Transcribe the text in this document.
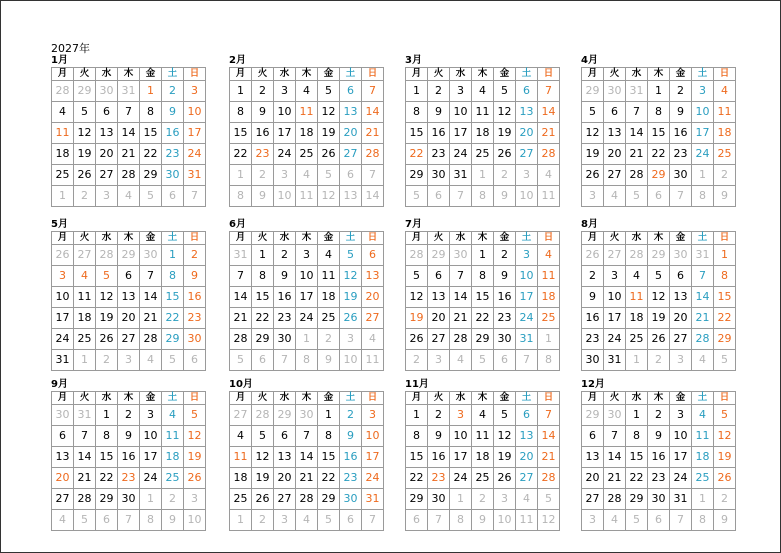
2027年
1月
月	火	水	木	金	土	日
28	29	30	31	1	2	3
4	5	6	7	8	9	10
11	12	13	14	15	16	17
18	19	20	21	22	23	24
25	26	27	28	29	30	31
1	2	3	4	5	6	7
2月
月	火	水	木	金	土	日
1	2	3	4	5	6	7
8	9	10	11	12	13	14
15	16	17	18	19	20	21
22	23	24	25	26	27	28
1	2	3	4	5	6	7
8	9	10	11	12	13	14
3月
月	火	水	木	金	土	日
1	2	3	4	5	6	7
8	9	10	11	12	13	14
15	16	17	18	19	20	21
22	23	24	25	26	27	28
29	30	31	1	2	3	4
5	6	7	8	9	10	11
4月
月	火	水	木	金	土	日
29	30	31	1	2	3	4
5	6	7	8	9	10	11
12	13	14	15	16	17	18
19	20	21	22	23	24	25
26	27	28	29	30	1	2
3	4	5	6	7	8	9
5月
月	火	水	木	金	土	日
26	27	28	29	30	1	2
3	4	5	6	7	8	9
10	11	12	13	14	15	16
17	18	19	20	21	22	23
24	25	26	27	28	29	30
31	1	2	3	4	5	6
6月
月	火	水	木	金	土	日
31	1	2	3	4	5	6
7	8	9	10	11	12	13
14	15	16	17	18	19	20
21	22	23	24	25	26	27
28	29	30	1	2	3	4
5	6	7	8	9	10	11
7月
月	火	水	木	金	土	日
28	29	30	1	2	3	4
5	6	7	8	9	10	11
12	13	14	15	16	17	18
19	20	21	22	23	24	25
26	27	28	29	30	31	1
2	3	4	5	6	7	8
8月
月	火	水	木	金	土	日
26	27	28	29	30	31	1
2	3	4	5	6	7	8
9	10	11	12	13	14	15
16	17	18	19	20	21	22
23	24	25	26	27	28	29
30	31	1	2	3	4	5
9月
月	火	水	木	金	土	日
30	31	1	2	3	4	5
6	7	8	9	10	11	12
13	14	15	16	17	18	19
20	21	22	23	24	25	26
27	28	29	30	1	2	3
4	5	6	7	8	9	10
10月
月	火	水	木	金	土	日
27	28	29	30	1	2	3
4	5	6	7	8	9	10
11	12	13	14	15	16	17
18	19	20	21	22	23	24
25	26	27	28	29	30	31
1	2	3	4	5	6	7
11月
月	火	水	木	金	土	日
1	2	3	4	5	6	7
8	9	10	11	12	13	14
15	16	17	18	19	20	21
22	23	24	25	26	27	28
29	30	1	2	3	4	5
6	7	8	9	10	11	12
12月
月	火	水	木	金	土	日
29	30	1	2	3	4	5
6	7	8	9	10	11	12
13	14	15	16	17	18	19
20	21	22	23	24	25	26
27	28	29	30	31	1	2
3	4	5	6	7	8	9
